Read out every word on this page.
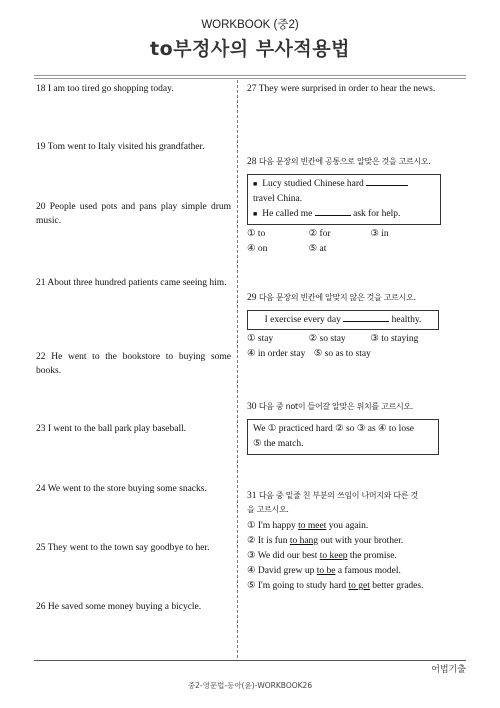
WORKBOOK (중2)
to부정사의 부사적용법
18 I am too tired go shopping today.
19 Tom went to Italy visited his grandfather.
20 People used pots and pans play simple drum music.
21 About three hundred patients came seeing him.
22 He went to the bookstore to buying some books.
23 I went to the ball park play baseball.
24 We went to the store buying some snacks.
25 They went to the town say goodbye to her.
26 He saved some money buying a bicycle.
27 They were surprised in order to hear the news.
28 다음 문장의 빈칸에 공통으로 알맞은 것을 고르시오.
■ Lucy studied Chinese hard
travel China.
■ He called me	ask for help.
① to	② for	③ in
④ on	⑤ at
29 다음 문장의 빈칸에 알맞지 않은 것을 고르시오.
I exercise every day	healthy.
① stay	② so stay	③ to staying
④ in order stay ⑤ so as to stay
30 다음 중 not이 들어갈 알맞은 위치를 고르시오.
We ① practiced hard ② so ③ as ④ to lose
⑤ the match.
31 다음 중 밑줄 친 부분의 쓰임이 나머지와 다른 것
을 고르시오.
① I'm happy to meet you again.
② It is fun to hang out with your brother.
③ We did our best to keep the promise.
④ David grew up to be a famous model.
⑤ I'm going to study hard to get better grades.
어법기출
중2-영문법-동아(윤)-WORKBOOK26
